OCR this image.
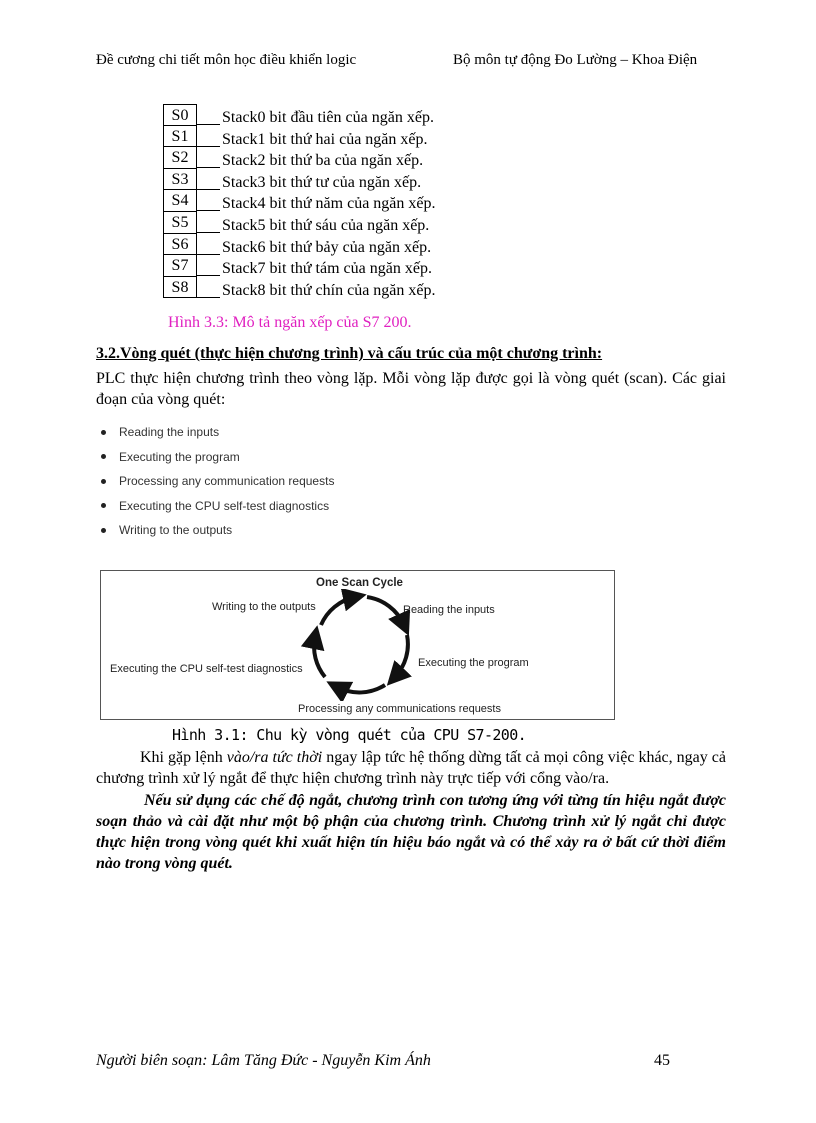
Đề cương chi tiết môn học điều khiển logic	Bộ môn tự động Đo Lường – Khoa Điện
S0	Stack0 bit đầu tiên của ngăn xếp.
S1	Stack1 bit thứ hai của ngăn xếp.
S2	Stack2 bit thứ ba của ngăn xếp.
S3	Stack3 bit thứ tư của ngăn xếp.
S4	Stack4 bit thứ năm của ngăn xếp.
S5	Stack5 bit thứ sáu của ngăn xếp.
S6	Stack6 bit thứ bảy của ngăn xếp.
S7	Stack7 bit thứ tám của ngăn xếp.
S8	Stack8 bit thứ chín của ngăn xếp.
Hình 3.3: Mô tả ngăn xếp của S7 200.
3.2.Vòng quét (thực hiện chương trình) và cấu trúc của một chương trình:
PLC thực hiện chương trình theo vòng lặp. Mỗi vòng lặp được gọi là vòng quét (scan). Các giai đoạn của vòng quét:
Reading the inputs
Executing the program
Processing any communication requests
Executing the CPU self-test diagnostics
Writing to the outputs
One Scan Cycle
Writing to the outputs	Reading the inputs
Executing the program
Executing the CPU self-test diagnostics
Processing any communications requests
Hình 3.1: Chu kỳ vòng quét của CPU S7-200.
Khi gặp lệnh vào/ra tức thời ngay lập tức hệ thống dừng tất cả mọi công việc khác, ngay cả chương trình xử lý ngắt để thực hiện chương trình này trực tiếp với cổng vào/ra.
Nếu sử dụng các chế độ ngắt, chương trình con tương ứng với từng tín hiệu ngắt được soạn thảo và cài đặt như một bộ phận của chương trình. Chương trình xử lý ngắt chỉ được thực hiện trong vòng quét khi xuất hiện tín hiệu báo ngắt và có thể xảy ra ở bất cứ thời điểm nào trong vòng quét.
Người biên soạn: Lâm Tăng Đức - Nguyễn Kim Ánh	45
